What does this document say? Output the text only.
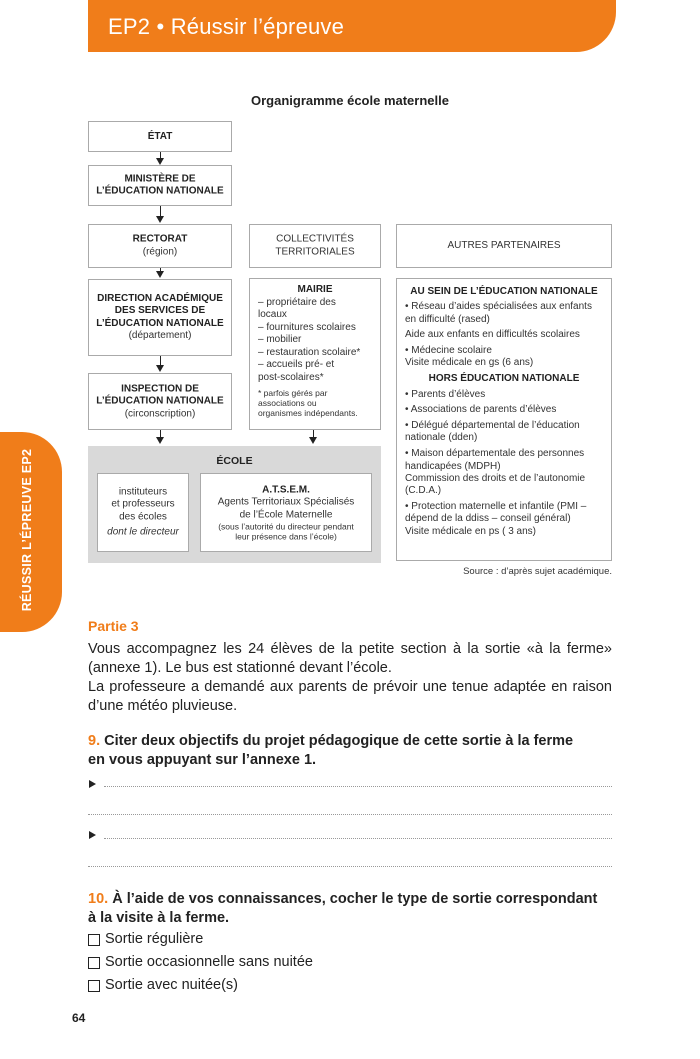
EP2 • Réussir l’épreuve
RÉUSSIR L’ÉPREUVE EP2
Organigramme école maternelle
ÉTAT
MINISTÈRE DE
L’ÉDUCATION NATIONALE
RECTORAT
(région)
DIRECTION ACADÉMIQUE
DES SERVICES DE
L’ÉDUCATION NATIONALE
(département)
INSPECTION DE
L’ÉDUCATION NATIONALE
(circonscription)
COLLECTIVITÉS
TERRITORIALES
MAIRIE
– propriétaire des
locaux
– fournitures scolaires
– mobilier
– restauration scolaire*
– accueils pré- et
post-scolaires*
* parfois gérés par
associations ou
organismes indépendants.
AUTRES PARTENAIRES
AU SEIN DE L’ÉDUCATION NATIONALE

• Réseau d’aides spécialisées aux enfants en difficulté (rased)

Aide aux enfants en difficultés scolaires

• Médecine scolaire

Visite médicale en gs (6 ans)

HORS ÉDUCATION NATIONALE

• Parents d’élèves

• Associations de parents d’élèves

• Délégué départemental de l’éducation nationale (dden)

• Maison départementale des personnes handicapées (MDPH)

Commission des droits et de l’autonomie (C.D.A.)

• Protection maternelle et infantile (PMI – dépend de la ddiss – conseil général)

Visite médicale en ps ( 3 ans)

ÉCOLE
instituteurs
et professeurs
des écoles
dont le directeur
A.T.S.E.M.
Agents Territoriaux Spécialisés
de l’École Maternelle
(sous l’autorité du directeur pendant
leur présence dans l’école)
Source : d’après sujet académique.
Partie 3
Vous accompagnez les 24 élèves de la petite section à la sortie «à la ferme»
(annexe 1). Le bus est stationné devant l’école.
La professeure a demandé aux parents de prévoir une tenue adaptée en raison
d’une météo pluvieuse.
9. Citer deux objectifs du projet pédagogique de cette sortie à la ferme
en vous appuyant sur l’annexe 1.
10. À l’aide de vos connaissances, cocher le type de sortie correspondant
à la visite à la ferme.
Sortie régulière
Sortie occasionnelle sans nuitée
Sortie avec nuitée(s)
64
